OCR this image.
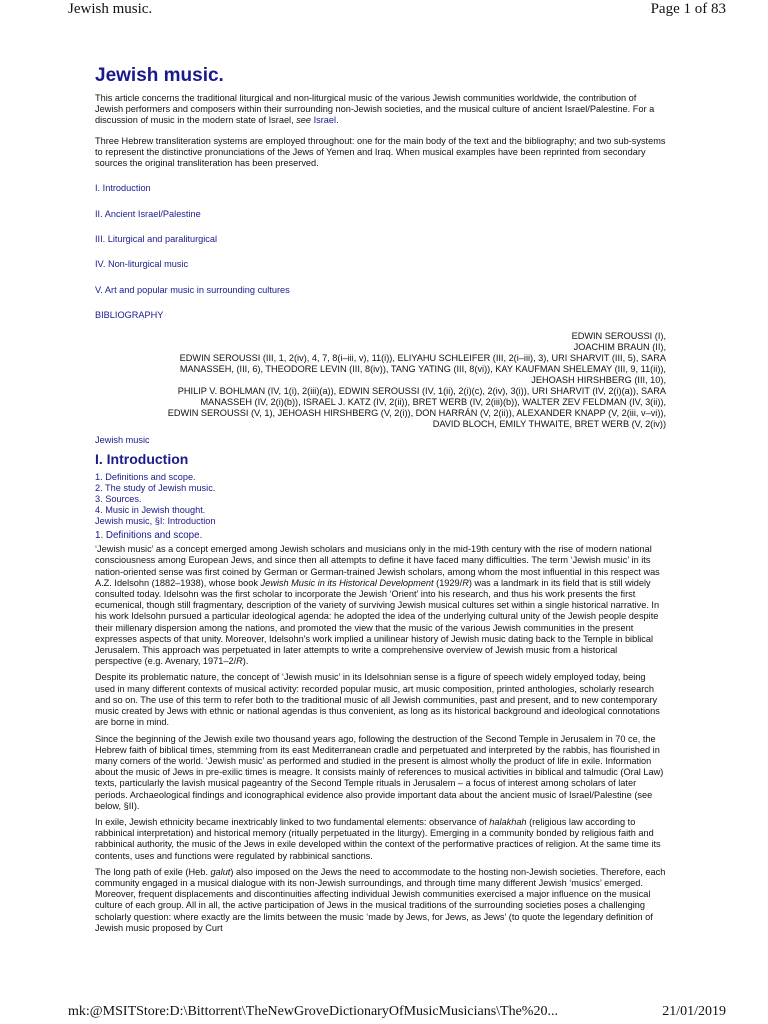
Jewish music.	Page 1 of 83
Jewish music.

This article concerns the traditional liturgical and non-liturgical music of the various Jewish communities worldwide, the contribution of Jewish performers and composers within their surrounding non-Jewish societies, and the musical culture of ancient Israel/Palestine. For a discussion of music in the modern state of Israel, see Israel.

Three Hebrew transliteration systems are employed throughout: one for the main body of the text and the bibliography; and two sub-systems to represent the distinctive pronunciations of the Jews of Yemen and Iraq. When musical examples have been reprinted from secondary sources the original transliteration has been preserved.

I. Introduction
II. Ancient Israel/Palestine
III. Liturgical and paraliturgical
IV. Non-liturgical music
V. Art and popular music in surrounding cultures
BIBLIOGRAPHY
EDWIN SEROUSSI (I),
JOACHIM BRAUN (II),
EDWIN SEROUSSI (III, 1, 2(iv), 4, 7, 8(i–iii, v), 11(i)), ELIYAHU SCHLEIFER (III, 2(i–iii), 3), URI SHARVIT (III, 5), SARA
MANASSEH, (III, 6), THEODORE LEVIN (III, 8(iv)), TANG YATING (III, 8(vi)), KAY KAUFMAN SHELEMAY (III, 9, 11(ii)),
JEHOASH HIRSHBERG (III, 10),
PHILIP V. BOHLMAN (IV, 1(i), 2(iii)(a)), EDWIN SEROUSSI (IV, 1(ii), 2(i)(c), 2(iv), 3(i)), URI SHARVIT (IV, 2(i)(a)), SARA
MANASSEH (IV, 2(i)(b)), ISRAEL J. KATZ (IV, 2(ii)), BRET WERB (IV, 2(iii)(b)), WALTER ZEV FELDMAN (IV, 3(ii)),
EDWIN SEROUSSI (V, 1), JEHOASH HIRSHBERG (V, 2(i)), DON HARRÁN (V, 2(ii)), ALEXANDER KNAPP (V, 2(iii, v–vi)),
DAVID BLOCH, EMILY THWAITE, BRET WERB (V, 2(iv))
Jewish music
I. Introduction
1. Definitions and scope.
2. The study of Jewish music.
3. Sources.
4. Music in Jewish thought.
Jewish music, §I: Introduction
1. Definitions and scope.

‘Jewish music’ as a concept emerged among Jewish scholars and musicians only in the mid-19th century with the rise of modern national consciousness among European Jews, and since then all attempts to define it have faced many difficulties. The term ‘Jewish music’ in its nation-oriented sense was first coined by German or German-trained Jewish scholars, among whom the most influential in this respect was A.Z. Idelsohn (1882–1938), whose book Jewish Music in its Historical Development (1929/R) was a landmark in its field that is still widely consulted today. Idelsohn was the first scholar to incorporate the Jewish ‘Orient’ into his research, and thus his work presents the first ecumenical, though still fragmentary, description of the variety of surviving Jewish musical cultures set within a single historical narrative. In his work Idelsohn pursued a particular ideological agenda: he adopted the idea of the underlying cultural unity of the Jewish people despite their millenary dispersion among the nations, and promoted the view that the music of the various Jewish communities in the present expresses aspects of that unity. Moreover, Idelsohn's work implied a unilinear history of Jewish music dating back to the Temple in biblical Jerusalem. This approach was perpetuated in later attempts to write a comprehensive overview of Jewish music from a historical perspective (e.g. Avenary, 1971–2/R).

Despite its problematic nature, the concept of ‘Jewish music’ in its Idelsohnian sense is a figure of speech widely employed today, being used in many different contexts of musical activity: recorded popular music, art music composition, printed anthologies, scholarly research and so on. The use of this term to refer both to the traditional music of all Jewish communities, past and present, and to new contemporary music created by Jews with ethnic or national agendas is thus convenient, as long as its historical background and ideological connotations are borne in mind.

Since the beginning of the Jewish exile two thousand years ago, following the destruction of the Second Temple in Jerusalem in 70 ce, the Hebrew faith of biblical times, stemming from its east Mediterranean cradle and perpetuated and interpreted by the rabbis, has flourished in many corners of the world. ‘Jewish music’ as performed and studied in the present is almost wholly the product of life in exile. Information about the music of Jews in pre-exilic times is meagre. It consists mainly of references to musical activities in biblical and talmudic (Oral Law) texts, particularly the lavish musical pageantry of the Second Temple rituals in Jerusalem – a focus of interest among scholars of later periods. Archaeological findings and iconographical evidence also provide important data about the ancient music of Israel/Palestine (see below, §II).

In exile, Jewish ethnicity became inextricably linked to two fundamental elements: observance of halakhah (religious law according to rabbinical interpretation) and historical memory (ritually perpetuated in the liturgy). Emerging in a community bonded by religious faith and rabbinical authority, the music of the Jews in exile developed within the context of the performative practices of religion. At the same time its contents, uses and functions were regulated by rabbinical sanctions.

The long path of exile (Heb. galut) also imposed on the Jews the need to accommodate to the hosting non-Jewish societies. Therefore, each community engaged in a musical dialogue with its non-Jewish surroundings, and through time many different Jewish ‘musics’ emerged. Moreover, frequent displacements and discontinuities affecting individual Jewish communities exercised a major influence on the musical culture of each group. All in all, the active participation of Jews in the musical traditions of the surrounding societies poses a challenging scholarly question: where exactly are the limits between the music ‘made by Jews, for Jews, as Jews’ (to quote the legendary definition of Jewish music proposed by Curt

mk:@MSITStore:D:\Bittorrent\TheNewGroveDictionaryOfMusicMusicians\The%20...	21/01/2019
